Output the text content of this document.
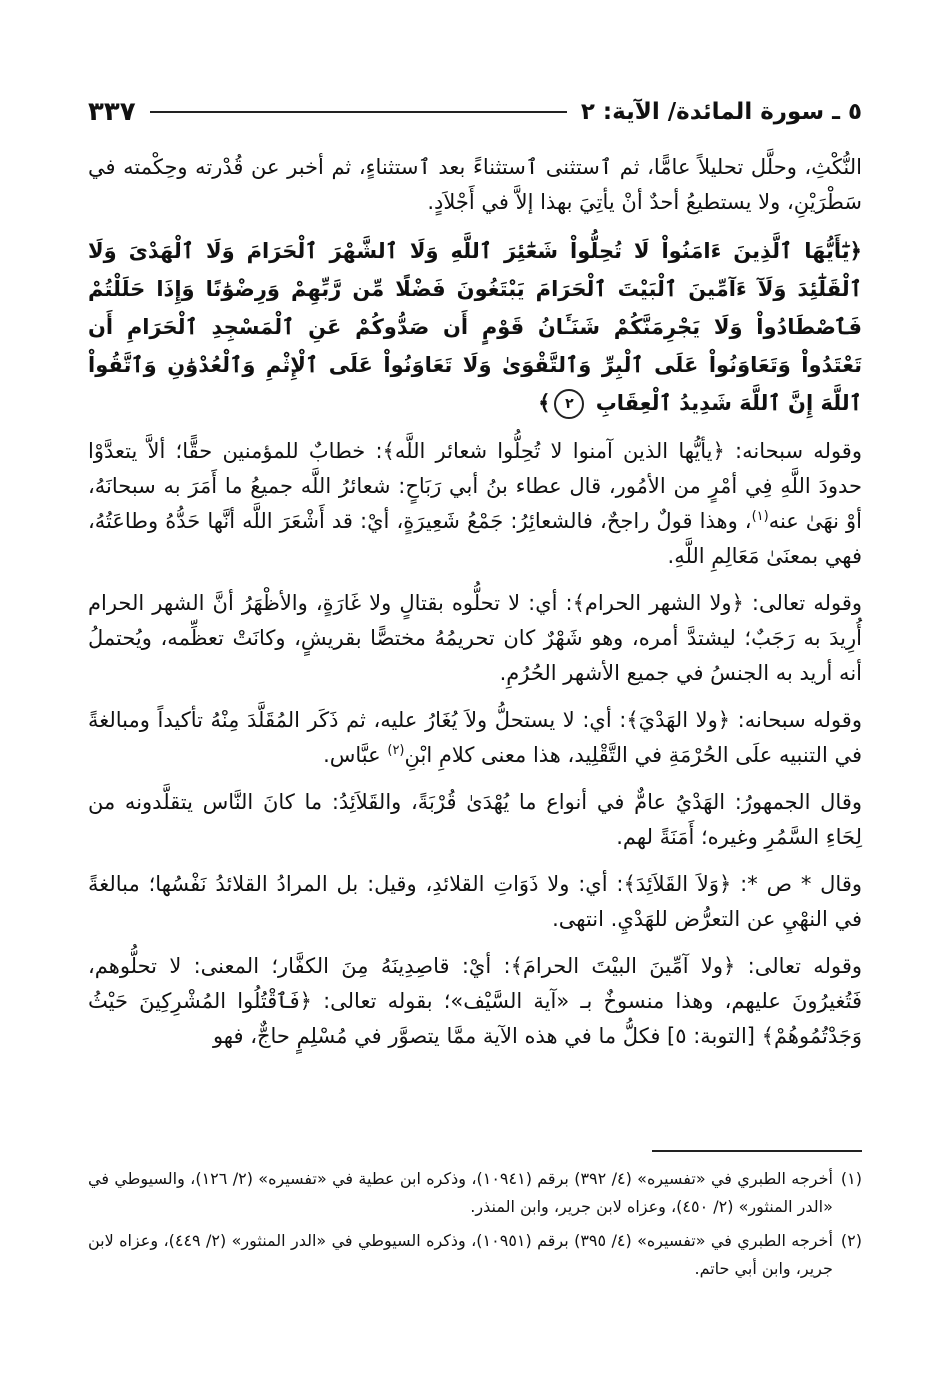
٥ ـ سورة المائدة/ الآية: ٢
٣٣٧

النُّكْثِ، وحلَّل تحليلاً عامًّا، ثم ٱستثنى ٱستثناءً بعد ٱستثناءٍ، ثم أخبر عن قُدْرته وحِكْمته في سَطْرَيْنِ، ولا يستطيعُ أحدٌ أنْ يأتِيَ بهذا إلاَّ في أَجْلاَدٍ.

﴿يَٰٓأَيُّهَا ٱلَّذِينَ ءَامَنُواْ لَا تُحِلُّواْ شَعَٰٓئِرَ ٱللَّهِ وَلَا ٱلشَّهْرَ ٱلْحَرَامَ وَلَا ٱلْهَدْىَ وَلَا ٱلْقَلَٰٓئِدَ وَلَآ ءَآمِّينَ ٱلْبَيْتَ ٱلْحَرَامَ يَبْتَغُونَ فَضْلًا مِّن رَّبِّهِمْ وَرِضْوَٰنًا وَإِذَا حَلَلْتُمْ فَٱصْطَادُواْ وَلَا يَجْرِمَنَّكُمْ شَنَـَٔانُ قَوْمٍ أَن صَدُّوكُمْ عَنِ ٱلْمَسْجِدِ ٱلْحَرَامِ أَن تَعْتَدُواْ وَتَعَاوَنُواْ عَلَى ٱلْبِرِّ وَٱلتَّقْوَىٰ وَلَا تَعَاوَنُواْ عَلَى ٱلْإِثْمِ وَٱلْعُدْوَٰنِ وَٱتَّقُواْ ٱللَّهَ إِنَّ ٱللَّهَ شَدِيدُ ٱلْعِقَابِ ٢﴾

وقوله سبحانه: ﴿يأيُّها الذين آمنوا لا تُحِلُّوا شعائر اللَّه﴾: خطابٌ للمؤمنين حقًّا؛ ألاَّ يتعدَّوْا حدودَ اللَّهِ فِي أمْرٍ من الأمُور، قال عطاء بنُ أبي رَبَاحٍ: شعائرُ اللَّه جميعُ ما أَمَرَ به سبحانَهُ، أوْ نهَىٰ عنه$^{(١)}$، وهذا قولٌ راجحٌ، فالشعائِرُ: جَمْعُ شَعِيرَةٍ، أيْ: قد أَشْعَرَ اللَّه أنَّها حَدُّهُ وطاعَتُهُ، فهي بمعنَىٰ مَعَالِمِ اللَّهِ.

وقوله تعالى: ﴿ولا الشهر الحرام﴾: أي: لا تحلُّوه بقتالٍ ولا غَارَةٍ، والأظْهَرُ أنَّ الشهر الحرام أُرِيدَ به رَجَبٌ؛ ليشتدَّ أمره، وهو شَهْرٌ كان تحريمُهُ مختصًّا بقريشٍ، وكانَتْ تعظِّمه، ويُحتملُ أنه أريد به الجنسُ في جميع الأشهر الحُرُمِ.

وقوله سبحانه: ﴿ولا الهَدْيَ﴾: أي: لا يستحلُّ ولاَ يُغَارُ عليه، ثم ذَكَر المُقَلَّدَ مِنْهُ تأكيداً ومبالغةً في التنبيه علَى الحُرْمَةِ في التَّقْلِيد، هذا معنى كلامِ ابْنِ$^{(٢)}$ عبَّاس.

وقال الجمهورُ: الهَدْيُ عامٌّ في أنواع ما يُهْدَىٰ قُرْبَةً، والقَلاَئِدُ: ما كانَ النَّاس يتقلَّدونه من لِحَاءِ السَّمُرِ وغيره؛ أَمَنَةً لهم.

وقال * ص *: ﴿وَلاَ القَلاَئِدَ﴾: أي: ولا ذَوَاتِ القلائدِ، وقيل: بل المرادُ القلائدُ نَفْسُها؛ مبالغةً في النهْيِ عن التعرُّض للهَدْيِ. انتهى.

وقوله تعالى: ﴿ولا آمِّينَ البيْتَ الحرامَ﴾: أيْ: قاصِدِينَهُ مِنَ الكفَّار؛ المعنى: لا تحلُّوهم، فَتُغيرُونَ عليهم، وهذا منسوخٌ بـ «آية السَّيْف»؛ بقوله تعالى: ﴿فَٱقْتُلُوا المُشْرِكِينَ حَيْثُ وَجَدْتُمُوهُمْ﴾ [التوبة: ٥] فكلُّ ما في هذه الآية ممَّا يتصوَّر في مُسْلِمٍ حاجٌّ، فهو

(١)
أخرجه الطبري في «تفسيره» (٤/ ٣٩٢) برقم (١٠٩٤١)، وذكره ابن عطية في «تفسيره» (٢/ ١٢٦)، والسيوطي في «الدر المنثور» (٢/ ٤٥٠)، وعزاه لابن جرير، وابن المنذر.
(٢)
أخرجه الطبري في «تفسيره» (٤/ ٣٩٥) برقم (١٠٩٥١)، وذكره السيوطي في «الدر المنثور» (٢/ ٤٤٩)، وعزاه لابن جرير، وابن أبي حاتم.
